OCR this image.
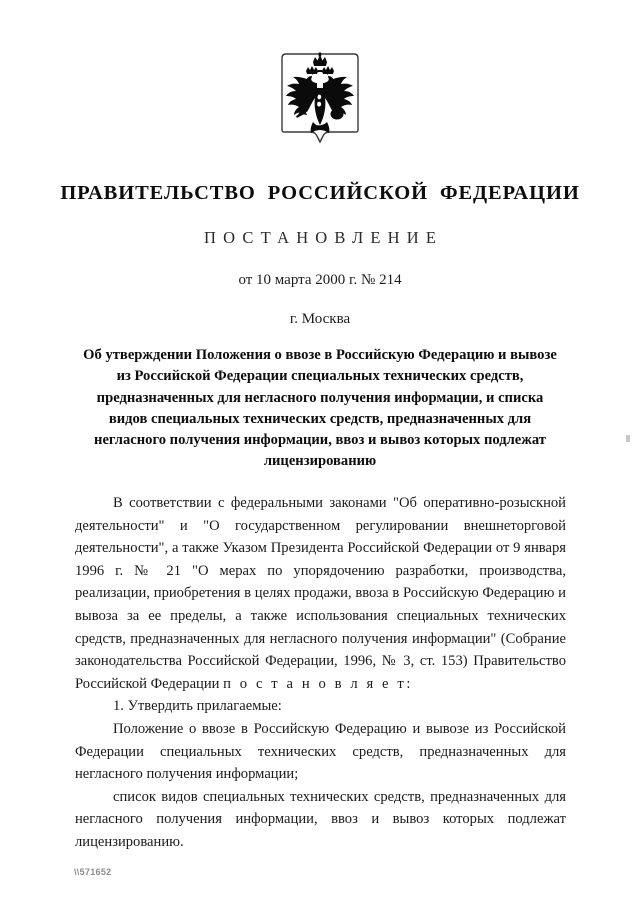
ПРАВИТЕЛЬСТВО РОССИЙСКОЙ ФЕДЕРАЦИИ
ПОСТАНОВЛЕНИЕ
от 10 марта 2000 г. № 214
г. Москва
Об утверждении Положения о ввозе в Российскую Федерацию и вывозе
из Российской Федерации специальных технических средств,
предназначенных для негласного получения информации, и списка
видов специальных технических средств, предназначенных для
негласного получения информации, ввоз и вывоз которых подлежат
лицензированию

В соответствии с федеральными законами "Об оперативно-розыскной деятельности" и "О государственном регулировании внешнеторговой деятельности", а также Указом Президента Российской Федерации от 9 января 1996 г. № 21 "О мерах по упорядочению разработки, производства, реализации, приобретения в целях продажи, ввоза в Российскую Федерацию и вывоза за ее пределы, а также использования специальных технических средств, предназначенных для негласного получения информации" (Собрание законодательства Российской Федерации, 1996, № 3, ст. 153) Правительство Российской Федерации п о с т а н о в л я е т:

1. Утвердить прилагаемые:

Положение о ввозе в Российскую Федерацию и вывозе из Российской Федерации специальных технических средств, предназначенных для негласного получения информации;

список видов специальных технических средств, предназначенных для негласного получения информации, ввоз и вывоз которых подлежат лицензированию.

\\571652
